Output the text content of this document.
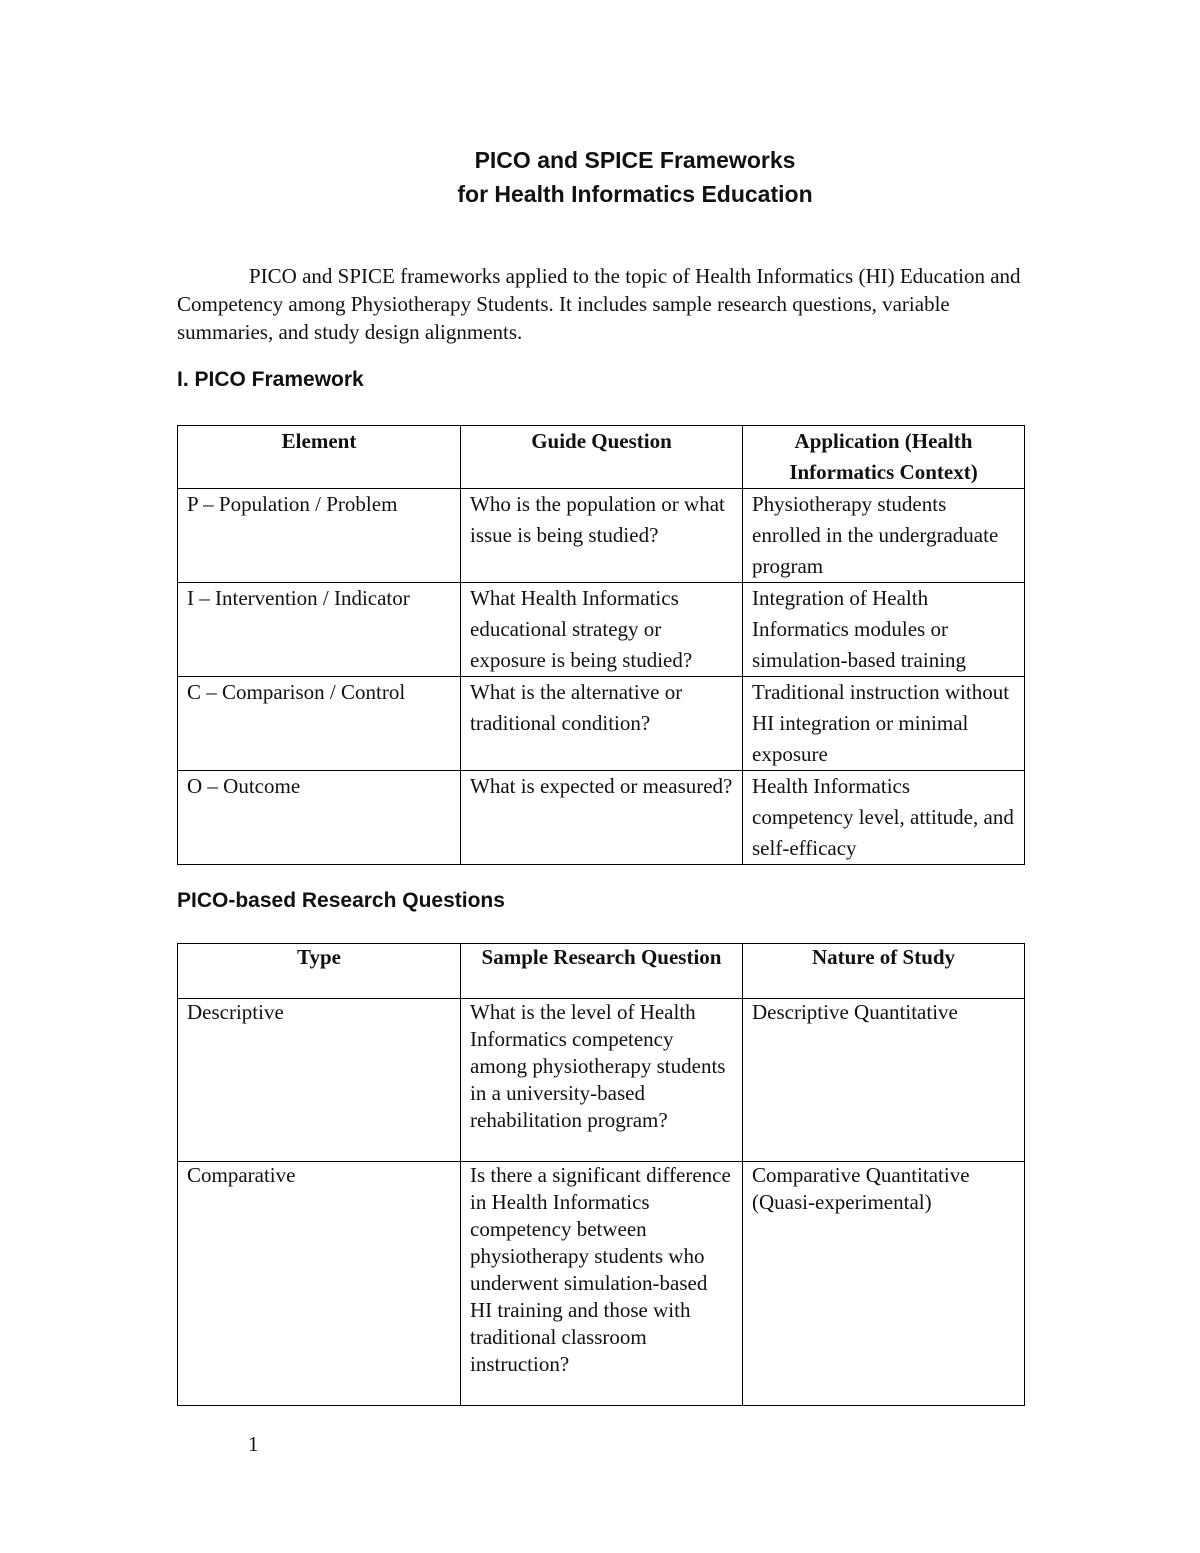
PICO and SPICE Frameworks
for Health Informatics Education

PICO and SPICE frameworks applied to the topic of Health Informatics (HI) Education and Competency among Physiotherapy Students. It includes sample research questions, variable summaries, and study design alignments.

I. PICO Framework
Element	Guide Question	Application (Health Informatics Context)
P – Population / Problem	Who is the population or what issue is being studied?	Physiotherapy students enrolled in the undergraduate program
I – Intervention / Indicator	What Health Informatics educational strategy or exposure is being studied?	Integration of Health Informatics modules or simulation-based training
C – Comparison / Control	What is the alternative or traditional condition?	Traditional instruction without HI integration or minimal exposure
O – Outcome	What is expected or measured?	Health Informatics competency level, attitude, and self-efficacy
PICO-based Research Questions
Type	Sample Research Question	Nature of Study
Descriptive	What is the level of Health Informatics competency among physiotherapy students in a university-based rehabilitation program?	Descriptive Quantitative
Comparative	Is there a significant difference in Health Informatics competency between physiotherapy students who underwent simulation-based HI training and those with traditional classroom instruction?	Comparative Quantitative (Quasi-experimental)
1
